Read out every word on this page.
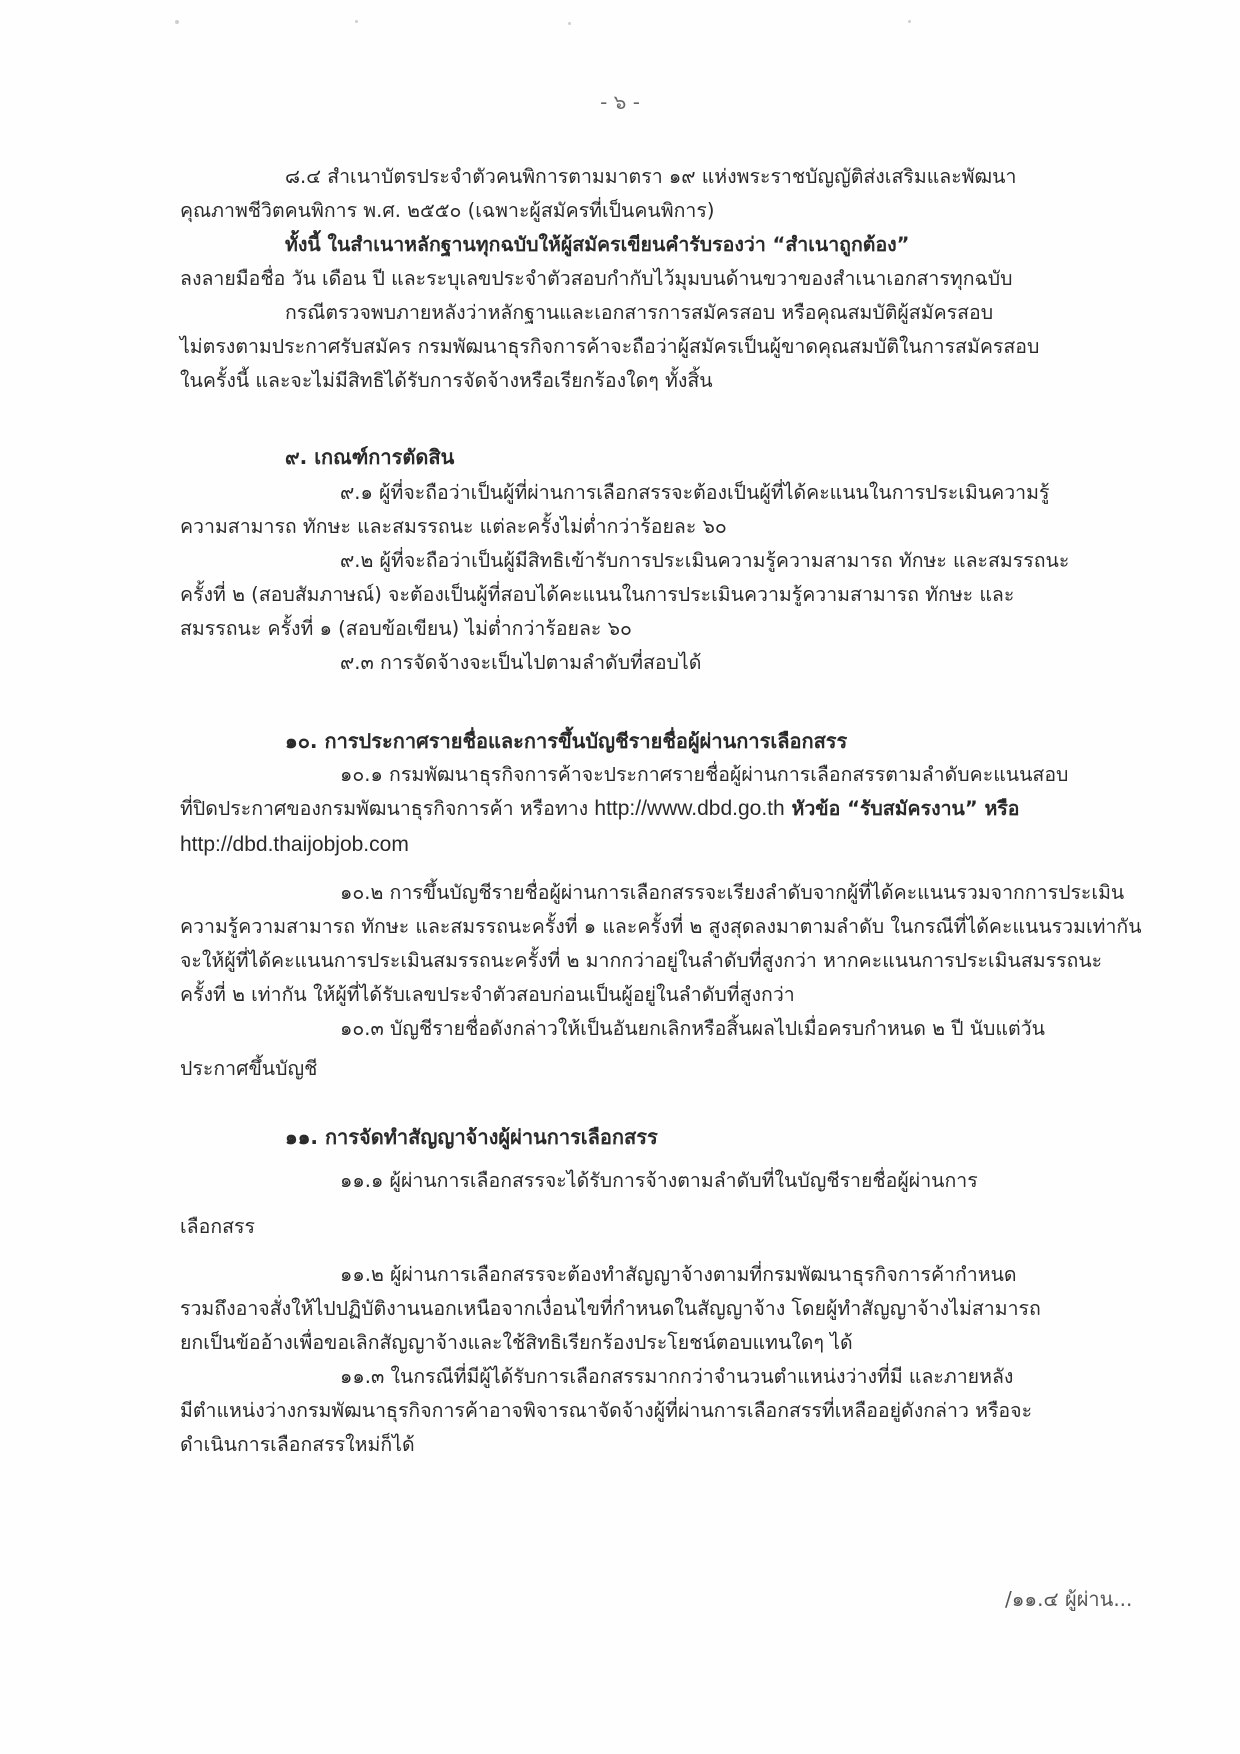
- ๖ -
๘.๔ สำเนาบัตรประจำตัวคนพิการตามมาตรา ๑๙ แห่งพระราชบัญญัติส่งเสริมและพัฒนา
คุณภาพชีวิตคนพิการ พ.ศ. ๒๕๕๐ (เฉพาะผู้สมัครที่เป็นคนพิการ)
ทั้งนี้ ในสำเนาหลักฐานทุกฉบับให้ผู้สมัครเขียนคำรับรองว่า “สำเนาถูกต้อง”
ลงลายมือชื่อ วัน เดือน ปี และระบุเลขประจำตัวสอบกำกับไว้มุมบนด้านขวาของสำเนาเอกสารทุกฉบับ
กรณีตรวจพบภายหลังว่าหลักฐานและเอกสารการสมัครสอบ หรือคุณสมบัติผู้สมัครสอบ
ไม่ตรงตามประกาศรับสมัคร กรมพัฒนาธุรกิจการค้าจะถือว่าผู้สมัครเป็นผู้ขาดคุณสมบัติในการสมัครสอบ
ในครั้งนี้ และจะไม่มีสิทธิได้รับการจัดจ้างหรือเรียกร้องใดๆ ทั้งสิ้น
๙. เกณฑ์การตัดสิน
๙.๑ ผู้ที่จะถือว่าเป็นผู้ที่ผ่านการเลือกสรรจะต้องเป็นผู้ที่ได้คะแนนในการประเมินความรู้
ความสามารถ ทักษะ และสมรรถนะ แต่ละครั้งไม่ต่ำกว่าร้อยละ ๖๐
๙.๒ ผู้ที่จะถือว่าเป็นผู้มีสิทธิเข้ารับการประเมินความรู้ความสามารถ ทักษะ และสมรรถนะ
ครั้งที่ ๒ (สอบสัมภาษณ์) จะต้องเป็นผู้ที่สอบได้คะแนนในการประเมินความรู้ความสามารถ ทักษะ และ
สมรรถนะ ครั้งที่ ๑ (สอบข้อเขียน) ไม่ต่ำกว่าร้อยละ ๖๐
๙.๓ การจัดจ้างจะเป็นไปตามลำดับที่สอบได้
๑๐. การประกาศรายชื่อและการขึ้นบัญชีรายชื่อผู้ผ่านการเลือกสรร
๑๐.๑ กรมพัฒนาธุรกิจการค้าจะประกาศรายชื่อผู้ผ่านการเลือกสรรตามลำดับคะแนนสอบ
ที่ปิดประกาศของกรมพัฒนาธุรกิจการค้า หรือทาง http://www.dbd.go.th หัวข้อ “รับสมัครงาน” หรือ
http://dbd.thaijobjob.com
๑๐.๒ การขึ้นบัญชีรายชื่อผู้ผ่านการเลือกสรรจะเรียงลำดับจากผู้ที่ได้คะแนนรวมจากการประเมิน
ความรู้ความสามารถ ทักษะ และสมรรถนะครั้งที่ ๑ และครั้งที่ ๒ สูงสุดลงมาตามลำดับ ในกรณีที่ได้คะแนนรวมเท่ากัน
จะให้ผู้ที่ได้คะแนนการประเมินสมรรถนะครั้งที่ ๒ มากกว่าอยู่ในลำดับที่สูงกว่า หากคะแนนการประเมินสมรรถนะ
ครั้งที่ ๒ เท่ากัน ให้ผู้ที่ได้รับเลขประจำตัวสอบก่อนเป็นผู้อยู่ในลำดับที่สูงกว่า
๑๐.๓ บัญชีรายชื่อดังกล่าวให้เป็นอันยกเลิกหรือสิ้นผลไปเมื่อครบกำหนด ๒ ปี นับแต่วัน
ประกาศขึ้นบัญชี
๑๑. การจัดทำสัญญาจ้างผู้ผ่านการเลือกสรร
๑๑.๑ ผู้ผ่านการเลือกสรรจะได้รับการจ้างตามลำดับที่ในบัญชีรายชื่อผู้ผ่านการ
เลือกสรร
๑๑.๒ ผู้ผ่านการเลือกสรรจะต้องทำสัญญาจ้างตามที่กรมพัฒนาธุรกิจการค้ากำหนด
รวมถึงอาจสั่งให้ไปปฏิบัติงานนอกเหนือจากเงื่อนไขที่กำหนดในสัญญาจ้าง โดยผู้ทำสัญญาจ้างไม่สามารถ
ยกเป็นข้ออ้างเพื่อขอเลิกสัญญาจ้างและใช้สิทธิเรียกร้องประโยชน์ตอบแทนใดๆ ได้
๑๑.๓ ในกรณีที่มีผู้ได้รับการเลือกสรรมากกว่าจำนวนตำแหน่งว่างที่มี และภายหลัง
มีตำแหน่งว่างกรมพัฒนาธุรกิจการค้าอาจพิจารณาจัดจ้างผู้ที่ผ่านการเลือกสรรที่เหลืออยู่ดังกล่าว หรือจะ
ดำเนินการเลือกสรรใหม่ก็ได้
/๑๑.๔ ผู้ผ่าน...
